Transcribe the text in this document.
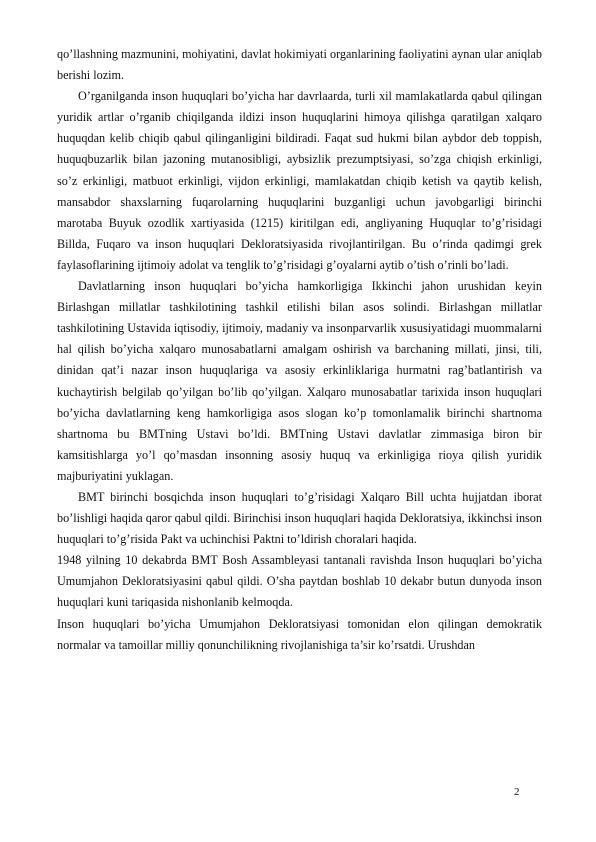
qo’llashning mazmunini, mohiyatini, davlat hokimiyati organlarining faoliyatini aynan ular aniqlab berishi lozim.

O’rganilganda inson huquqlari bo’yicha har davrlaarda, turli xil mamlakatlarda qabul qilingan yuridik artlar o’rganib chiqilganda ildizi inson huquqlarini himoya qilishga qaratilgan xalqaro huquqdan kelib chiqib qabul qilinganligini bildiradi. Faqat sud hukmi bilan aybdor deb toppish, huquqbuzarlik bilan jazoning mutanosibligi, aybsizlik prezumptsiyasi, so’zga chiqish erkinligi, so’z erkinligi, matbuot erkinligi, vijdon erkinligi, mamlakatdan chiqib ketish va qaytib kelish, mansabdor shaxslarning fuqarolarning huquqlarini buzganligi uchun javobgarligi birinchi marotaba Buyuk ozodlik xartiyasida (1215) kiritilgan edi, angliyaning Huquqlar to’g’risidagi Billda, Fuqaro va inson huquqlari Dekloratsiyasida rivojlantirilgan. Bu o’rinda qadimgi grek faylasoflarining ijtimoiy adolat va tenglik to’g’risidagi g’oyalarni aytib o’tish o’rinli bo’ladi.

Davlatlarning inson huquqlari bo’yicha hamkorligiga Ikkinchi jahon urushidan keyin Birlashgan millatlar tashkilotining tashkil etilishi bilan asos solindi. Birlashgan millatlar tashkilotining Ustavida iqtisodiy, ijtimoiy, madaniy va insonparvarlik xususiyatidagi muommalarni hal qilish bo’yicha xalqaro munosabatlarni amalgam oshirish va barchaning millati, jinsi, tili, dinidan qat’i nazar inson huquqlariga va asosiy erkinliklariga hurmatni rag’batlantirish va kuchaytirish belgilab qo’yilgan bo’lib qo’yilgan. Xalqaro munosabatlar tarixida inson huquqlari bo’yicha davlatlarning keng hamkorligiga asos slogan ko’p tomonlamalik birinchi shartnoma shartnoma bu BMTning Ustavi bo’ldi. BMTning Ustavi davlatlar zimmasiga biron bir kamsitishlarga yo’l qo’masdan insonning asosiy huquq va erkinligiga rioya qilish yuridik majburiyatini yuklagan.

BMT birinchi bosqichda inson huquqlari to’g’risidagi Xalqaro Bill uchta hujjatdan iborat bo’lishligi haqida qaror qabul qildi. Birinchisi inson huquqlari haqida Dekloratsiya, ikkinchsi inson huquqlari to’g’risida Pakt va uchinchisi Paktni to’ldirish choralari haqida.

1948 yilning 10 dekabrda BMT Bosh Assambleyasi tantanali ravishda Inson huquqlari bo’yicha Umumjahon Dekloratsiyasini qabul qildi. O’sha paytdan boshlab 10 dekabr butun dunyoda inson huquqlari kuni tariqasida nishonlanib kelmoqda.

Inson huquqlari bo’yicha Umumjahon Dekloratsiyasi tomonidan elon qilingan demokratik normalar va tamoillar milliy qonunchilikning rivojlanishiga ta’sir ko’rsatdi. Urushdan

2
